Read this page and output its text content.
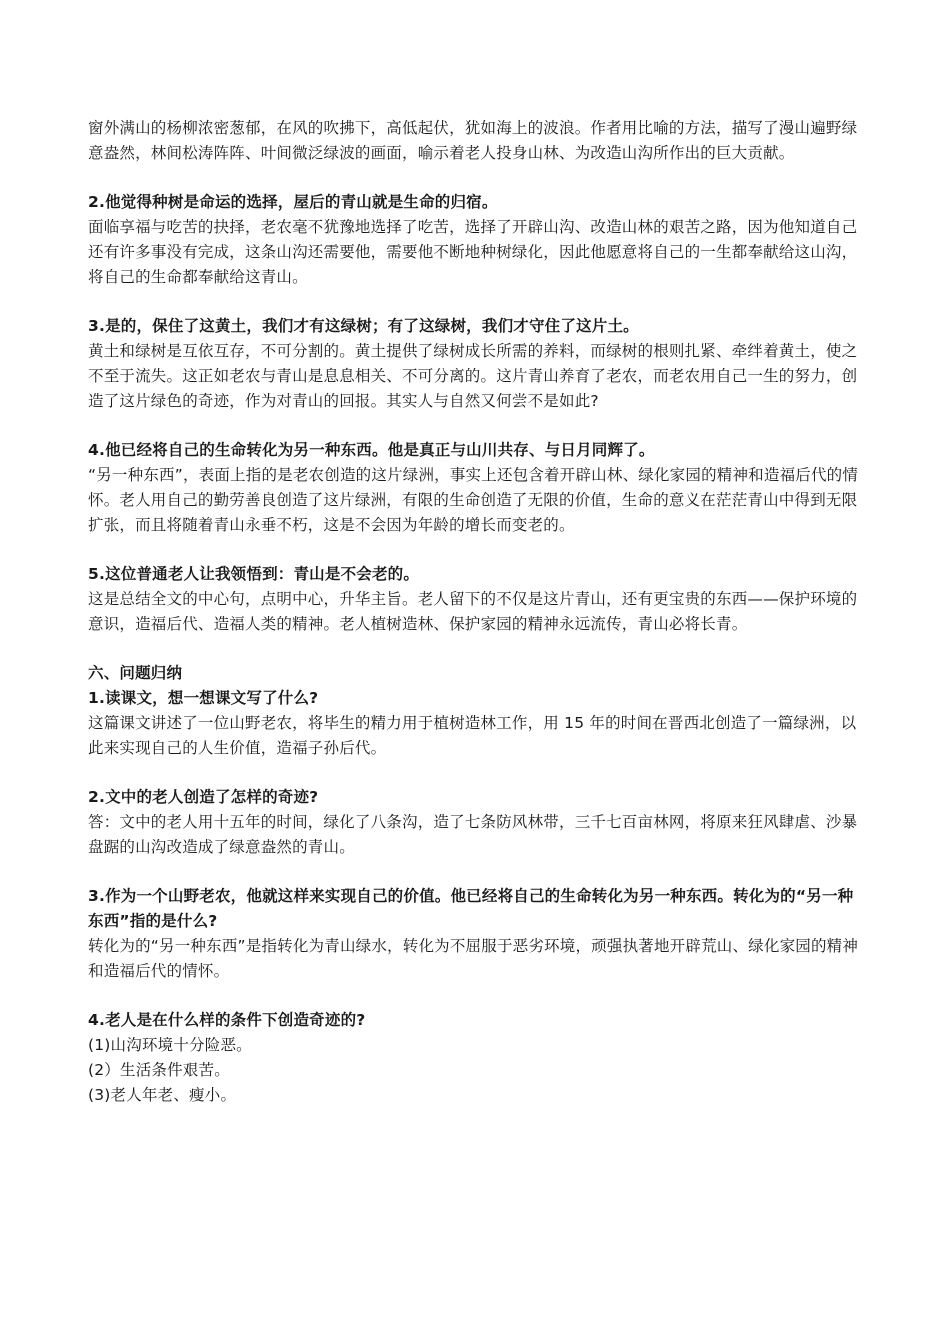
窗外满山的杨柳浓密葱郁，在风的吹拂下，高低起伏，犹如海上的波浪。作者用比喻的方法，描写了漫山遍野绿意盎然，林间松涛阵阵、叶间微泛绿波的画面，喻示着老人投身山林、为改造山沟所作出的巨大贡献。

2.他觉得种树是命运的选择，屋后的青山就是生命的归宿。

面临享福与吃苦的抉择，老农毫不犹豫地选择了吃苦，选择了开辟山沟、改造山林的艰苦之路，因为他知道自己还有许多事没有完成，这条山沟还需要他，需要他不断地种树绿化，因此他愿意将自己的一生都奉献给这山沟，将自己的生命都奉献给这青山。

3.是的，保住了这黄土，我们才有这绿树；有了这绿树，我们才守住了这片土。

黄土和绿树是互依互存，不可分割的。黄土提供了绿树成长所需的养料，而绿树的根则扎紧、牵绊着黄土，使之不至于流失。这正如老农与青山是息息相关、不可分离的。这片青山养育了老农，而老农用自己一生的努力，创造了这片绿色的奇迹，作为对青山的回报。其实人与自然又何尝不是如此?

4.他已经将自己的生命转化为另一种东西。他是真正与山川共存、与日月同辉了。

“另一种东西”，表面上指的是老农创造的这片绿洲，事实上还包含着开辟山林、绿化家园的精神和造福后代的情怀。老人用自己的勤劳善良创造了这片绿洲，有限的生命创造了无限的价值，生命的意义在茫茫青山中得到无限扩张，而且将随着青山永垂不朽，这是不会因为年龄的增长而变老的。

5.这位普通老人让我领悟到：青山是不会老的。

这是总结全文的中心句，点明中心，升华主旨。老人留下的不仅是这片青山，还有更宝贵的东西——保护环境的意识，造福后代、造福人类的精神。老人植树造林、保护家园的精神永远流传，青山必将长青。

六、问题归纳

1.读课文，想一想课文写了什么?

这篇课文讲述了一位山野老农，将毕生的精力用于植树造林工作，用 15 年的时间在晋西北创造了一篇绿洲，以此来实现自己的人生价值，造福子孙后代。

2.文中的老人创造了怎样的奇迹?

答：文中的老人用十五年的时间，绿化了八条沟，造了七条防风林带，三千七百亩林网，将原来狂风肆虐、沙暴盘踞的山沟改造成了绿意盎然的青山。

3.作为一个山野老农，他就这样来实现自己的价值。他已经将自己的生命转化为另一种东西。转化为的“另一种东西”指的是什么?

转化为的“另一种东西”是指转化为青山绿水，转化为不屈服于恶劣环境，顽强执著地开辟荒山、绿化家园的精神和造福后代的情怀。

4.老人是在什么样的条件下创造奇迹的?

(1)山沟环境十分险恶。

(2）生活条件艰苦。

(3)老人年老、瘦小。
